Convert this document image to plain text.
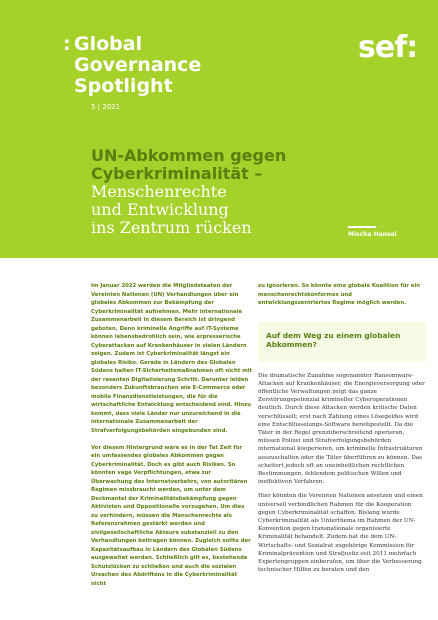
: Global
Governance
Spotlight
5 | 2021
sef:
UN-Abkommen gegen
Cyberkriminalität –
Menschenrechte
und Entwicklung
ins Zentrum rücken	Mischa Hansel

Im Januar 2022 werden die Mitgliedstaaten der Vereinten Nationen (UN) Verhandlungen über ein globales Abkommen zur Bekämpfung der Cyberkriminalität aufnehmen. Mehr internationale Zusammenarbeit in diesem Bereich ist dringend geboten. Denn kriminelle Angriffe auf IT-Systeme können lebensbedrohlich sein, wie erpresserische Cyberattacken auf Krankenhäuser in vielen Ländern zeigen. Zudem ist Cyberkriminalität längst ein globales Risiko. Gerade in Ländern des Globalen Südens halten IT-Sicherheitsmaßnahmen oft nicht mit der rasanten Digitalisierung Schritt. Darunter leiden besonders Zukunftsbranchen wie E-Commerce oder mobile Finanzdienstleistungen, die für die wirtschaftliche Entwicklung entscheidend sind. Hinzu kommt, dass viele Länder nur unzureichend in die internationale Zusammenarbeit der Strafverfolgungsbehörden eingebunden sind.

Vor diesem Hintergrund wäre es in der Tat Zeit für ein umfassendes globales Abkommen gegen Cyberkriminalität. Doch es gibt auch Risiken. So könnten vage Verpflichtungen, etwa zur Überwachung des Internetverkehrs, von autoritären Regimen missbraucht werden, um unter dem Deckmantel der Kriminalitätsbekämpfung gegen Aktivisten und Oppositionelle vorzugehen. Um dies zu verhindern, müssen die Menschenrechte als Referenzrahmen gestärkt werden und zivilgesellschaftliche Akteure substanziell zu den Verhandlungen beitragen können. Zugleich sollte der Kapazitätsaufbau in Ländern des Globalen Südens ausgeweitet werden. Schließlich gilt es, bestehende Schutzlücken zu schließen und auch die sozialen Ursachen des Abdriftens in die Cyberkriminalität nicht

zu ignorieren. So könnte eine globale Koalition für ein menschenrechtskonformes und entwicklungszentriertes Regime möglich werden.
Auf dem Weg zu einem globalen Abkommen?

Die dramatische Zunahme sogenannter Ransomware-Attacken auf Krankenhäuser, die Energieversorgung oder öffentliche Verwaltungen zeigt das ganze Zerstörungspotenzial krimineller Cyberoperationen deutlich. Durch diese Attacken werden kritische Daten verschlüsselt; erst nach Zahlung eines Lösegeldes wird eine Entschlüsselungs-Software bereitgestellt. Da die Täter in der Regel grenzüberschreitend operieren, müssen Polizei und Strafverfolgungsbehörden international kooperieren, um kriminelle Infrastrukturen auszuschalten oder die Täter überführen zu können. Das scheitert jedoch oft an uneinheitlichen rechtlichen Bestimmungen, fehlendem politischen Willen und ineffektiven Verfahren.

Hier könnten die Vereinten Nationen ansetzen und einen universell verbindlichen Rahmen für die Kooperation gegen Cyberkriminalität schaffen. Bislang wurde Cyberkriminalität als Unterthema im Rahmen der UN-Konvention gegen transnationale organisierte Kriminalität behandelt. Zudem hat die dem UN-Wirtschafts- und Sozialrat zugehörige Kommission für Kriminalprävention und Strafjustiz seit 2011 mehrfach Expertengruppen einberufen, um über die Verbesserung technischer Hilfen zu beraten und den
